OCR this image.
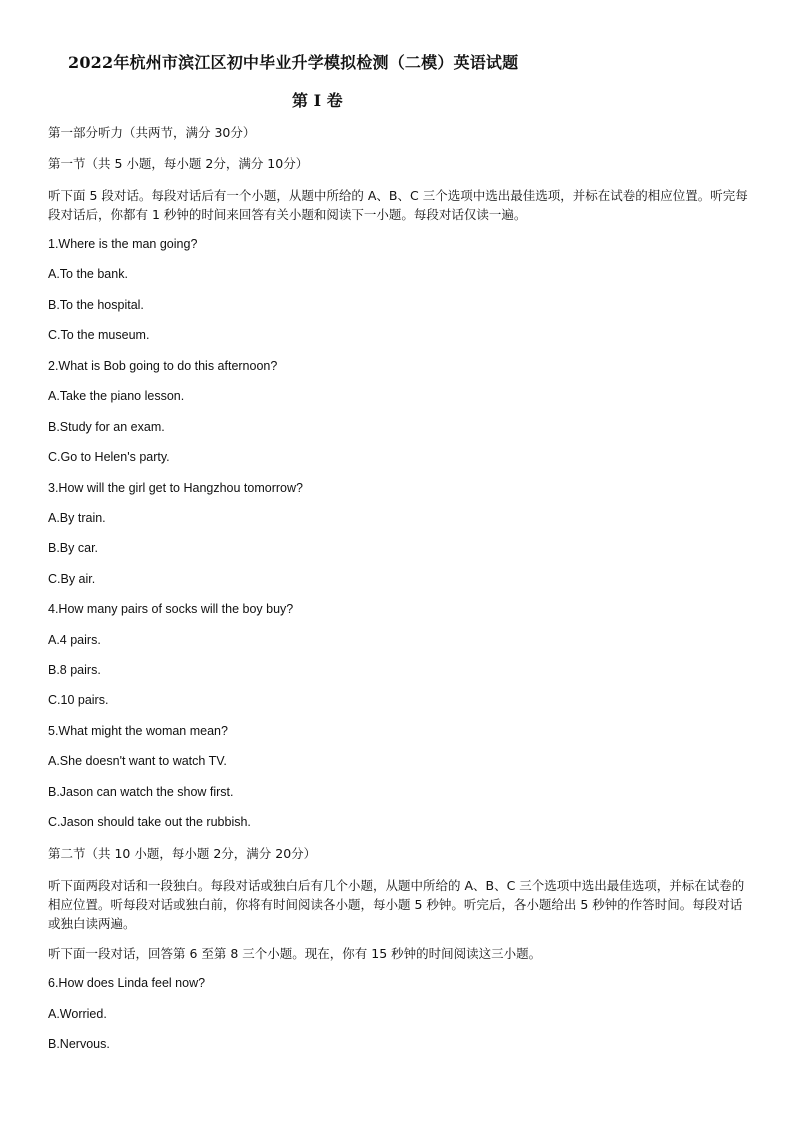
2022年杭州市滨江区初中毕业升学模拟检测（二模）英语试题
第 I 卷
第一部分听力（共两节，满分 30分）
第一节（共 5 小题，每小题 2分，满分 10分）
听下面 5 段对话。每段对话后有一个小题，从题中所给的 A、B、C 三个选项中选出最佳选项，并标在试卷的相应位置。听完每段对话后，你都有 1 秒钟的时间来回答有关小题和阅读下一小题。每段对话仅读一遍。
1.Where is the man going?
A.To the bank.
B.To the hospital.
C.To the museum.
2.What is Bob going to do this afternoon?
A.Take the piano lesson.
B.Study for an exam.
C.Go to Helen's party.
3.How will the girl get to Hangzhou tomorrow?
A.By train.
B.By car.
C.By air.
4.How many pairs of socks will the boy buy?
A.4 pairs.
B.8 pairs.
C.10 pairs.
5.What might the woman mean?
A.She doesn't want to watch TV.
B.Jason can watch the show first.
C.Jason should take out the rubbish.
第二节（共 10 小题，每小题 2分，满分 20分）
听下面两段对话和一段独白。每段对话或独白后有几个小题，从题中所给的 A、B、C 三个选项中选出最佳选项，并标在试卷的相应位置。听每段对话或独白前，你将有时间阅读各小题，每小题 5 秒钟。听完后，各小题给出 5 秒钟的作答时间。每段对话或独白读两遍。
听下面一段对话，回答第 6 至第 8 三个小题。现在，你有 15 秒钟的时间阅读这三小题。
6.How does Linda feel now?
A.Worried.
B.Nervous.
